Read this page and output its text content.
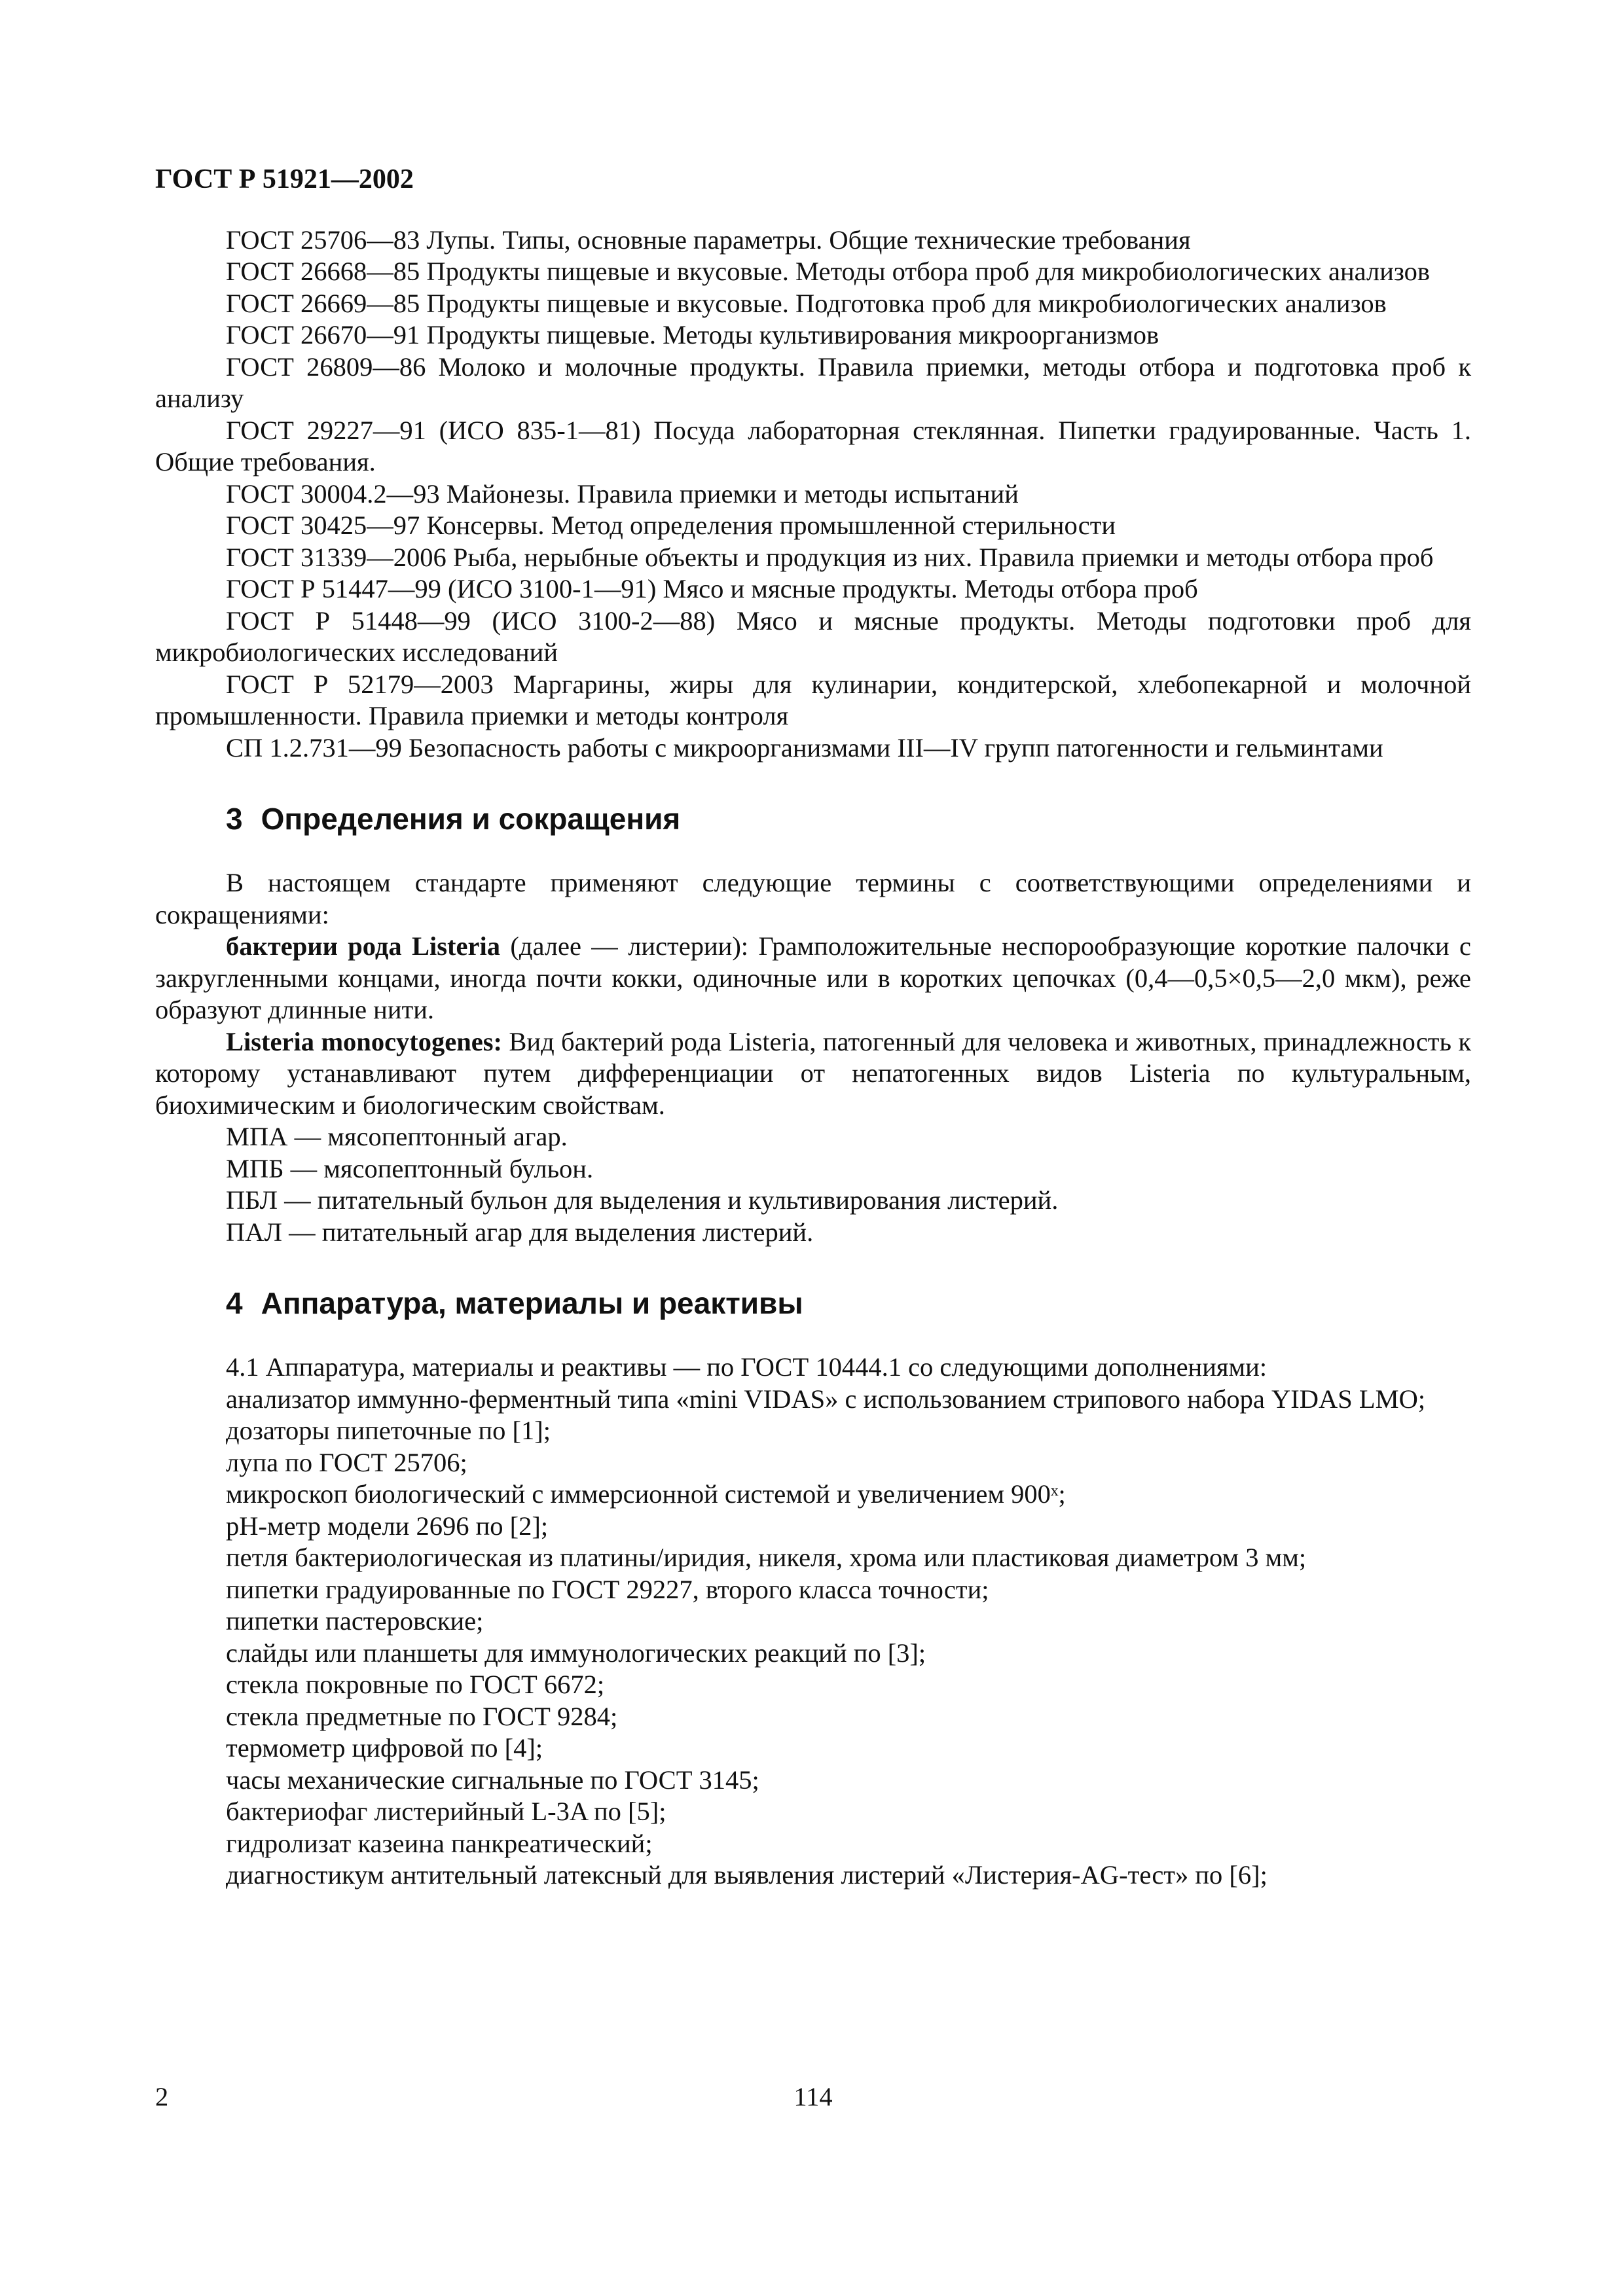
ГОСТ Р 51921—2002

ГОСТ 25706—83 Лупы. Типы, основные параметры. Общие технические требования

ГОСТ 26668—85 Продукты пищевые и вкусовые. Методы отбора проб для микробиологических анализов

ГОСТ 26669—85 Продукты пищевые и вкусовые. Подготовка проб для микробиологических анализов

ГОСТ 26670—91 Продукты пищевые. Методы культивирования микроорганизмов

ГОСТ 26809—86 Молоко и молочные продукты. Правила приемки, методы отбора и подготовка проб к анализу

ГОСТ 29227—91 (ИСО 835-1—81) Посуда лабораторная стеклянная. Пипетки градуированные. Часть 1. Общие требования.

ГОСТ 30004.2—93 Майонезы. Правила приемки и методы испытаний

ГОСТ 30425—97 Консервы. Метод определения промышленной стерильности

ГОСТ 31339—2006 Рыба, нерыбные объекты и продукция из них. Правила приемки и методы отбора проб

ГОСТ Р 51447—99 (ИСО 3100-1—91) Мясо и мясные продукты. Методы отбора проб

ГОСТ Р 51448—99 (ИСО 3100-2—88) Мясо и мясные продукты. Методы подготовки проб для микробиологических исследований

ГОСТ Р 52179—2003 Маргарины, жиры для кулинарии, кондитерской, хлебопекарной и молочной промышленности. Правила приемки и методы контроля

СП 1.2.731—99 Безопасность работы с микроорганизмами III—IV групп патогенности и гельминтами

3 Определения и сокращения

В настоящем стандарте применяют следующие термины с соответствующими определениями и сокращениями:

бактерии рода Listeria (далее — листерии): Грамположительные неспорообразующие короткие палочки с закругленными концами, иногда почти кокки, одиночные или в коротких цепочках (0,4—0,5×0,5—2,0 мкм), реже образуют длинные нити.

Listeria monocytogenes: Вид бактерий рода Listeria, патогенный для человека и животных, принадлежность к которому устанавливают путем дифференциации от непатогенных видов Listeria по культуральным, биохимическим и биологическим свойствам.

МПА — мясопептонный агар.

МПБ — мясопептонный бульон.

ПБЛ — питательный бульон для выделения и культивирования листерий.

ПАЛ — питательный агар для выделения листерий.

4 Аппаратура, материалы и реактивы

4.1 Аппаратура, материалы и реактивы — по ГОСТ 10444.1 со следующими дополнениями:

анализатор иммунно-ферментный типа «mini VIDAS» с использованием стрипового набора YIDAS LMO;

дозаторы пипеточные по [1];

лупа по ГОСТ 25706;

микроскоп биологический с иммерсионной системой и увеличением 900ˣ;

рН-метр модели 2696 по [2];

петля бактериологическая из платины/иридия, никеля, хрома или пластиковая диаметром 3 мм;

пипетки градуированные по ГОСТ 29227, второго класса точности;

пипетки пастеровские;

слайды или планшеты для иммунологических реакций по [3];

стекла покровные по ГОСТ 6672;

стекла предметные по ГОСТ 9284;

термометр цифровой по [4];

часы механические сигнальные по ГОСТ 3145;

бактериофаг листерийный L-3A по [5];

гидролизат казеина панкреатический;

диагностикум антительный латексный для выявления листерий «Листерия-AG-тест» по [6];

2	114
